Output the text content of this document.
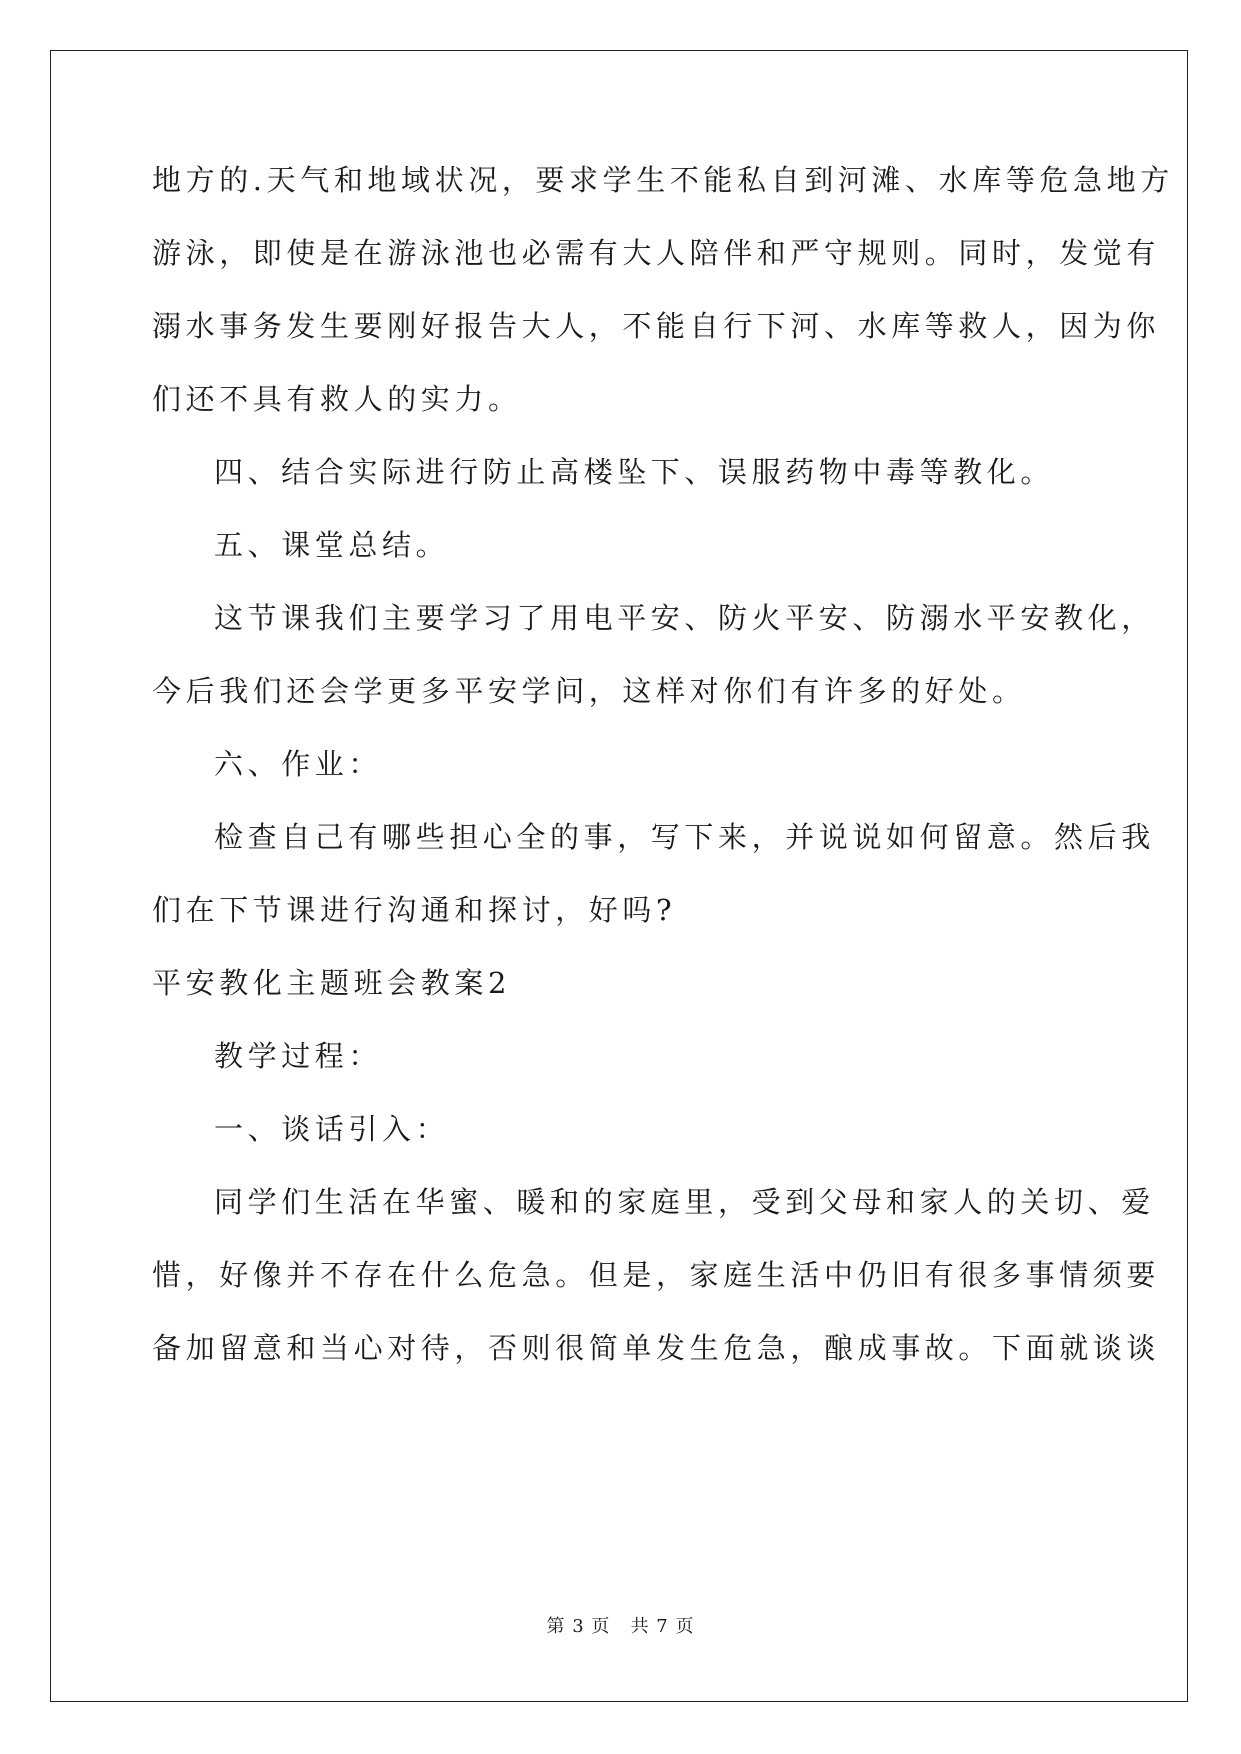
地方的.天气和地域状况，要求学生不能私自到河滩、水库等危急地方
游泳，即使是在游泳池也必需有大人陪伴和严守规则。同时，发觉有
溺水事务发生要刚好报告大人，不能自行下河、水库等救人，因为你
们还不具有救人的实力。
四、结合实际进行防止高楼坠下、误服药物中毒等教化。
五、课堂总结。
这节课我们主要学习了用电平安、防火平安、防溺水平安教化，
今后我们还会学更多平安学问，这样对你们有许多的好处。
六、作业：
检查自己有哪些担心全的事，写下来，并说说如何留意。然后我
们在下节课进行沟通和探讨，好吗?
平安教化主题班会教案2
教学过程：
一、谈话引入：
同学们生活在华蜜、暖和的家庭里，受到父母和家人的关切、爱
惜，好像并不存在什么危急。但是，家庭生活中仍旧有很多事情须要
备加留意和当心对待，否则很简单发生危急，酿成事故。下面就谈谈
第 3 页   共 7 页
